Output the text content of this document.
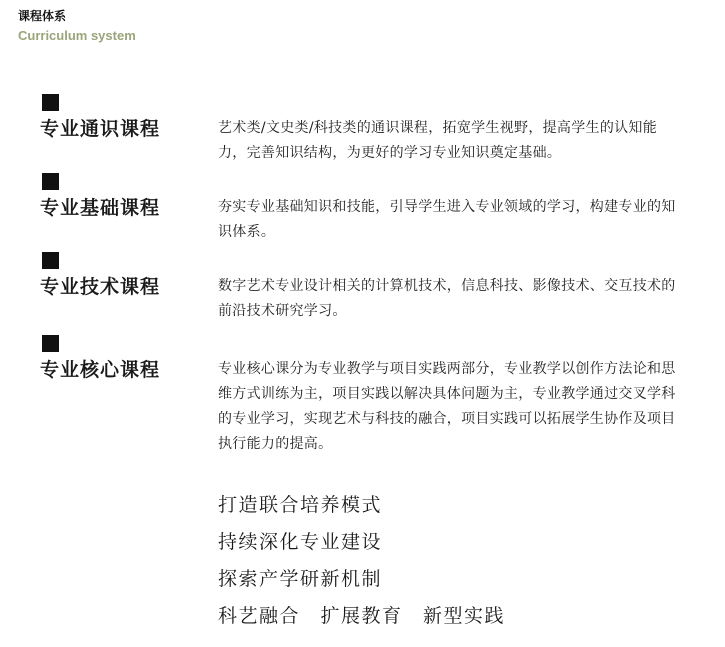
课程体系
Curriculum system
专业通识课程	艺术类/文史类/科技类的通识课程，拓宽学生视野，提高学生的认知能力，完善知识结构，为更好的学习专业知识奠定基础。
专业基础课程	夯实专业基础知识和技能，引导学生进入专业领域的学习，构建专业的知识体系。
专业技术课程	数字艺术专业设计相关的计算机技术，信息科技、影像技术、交互技术的前沿技术研究学习。
专业核心课程	专业核心课分为专业教学与项目实践两部分，专业教学以创作方法论和思维方式训练为主，项目实践以解决具体问题为主，专业教学通过交叉学科的专业学习，实现艺术与科技的融合，项目实践可以拓展学生协作及项目执行能力的提高。
打造联合培养模式
持续深化专业建设
探索产学研新机制
科艺融合　扩展教育　新型实践
